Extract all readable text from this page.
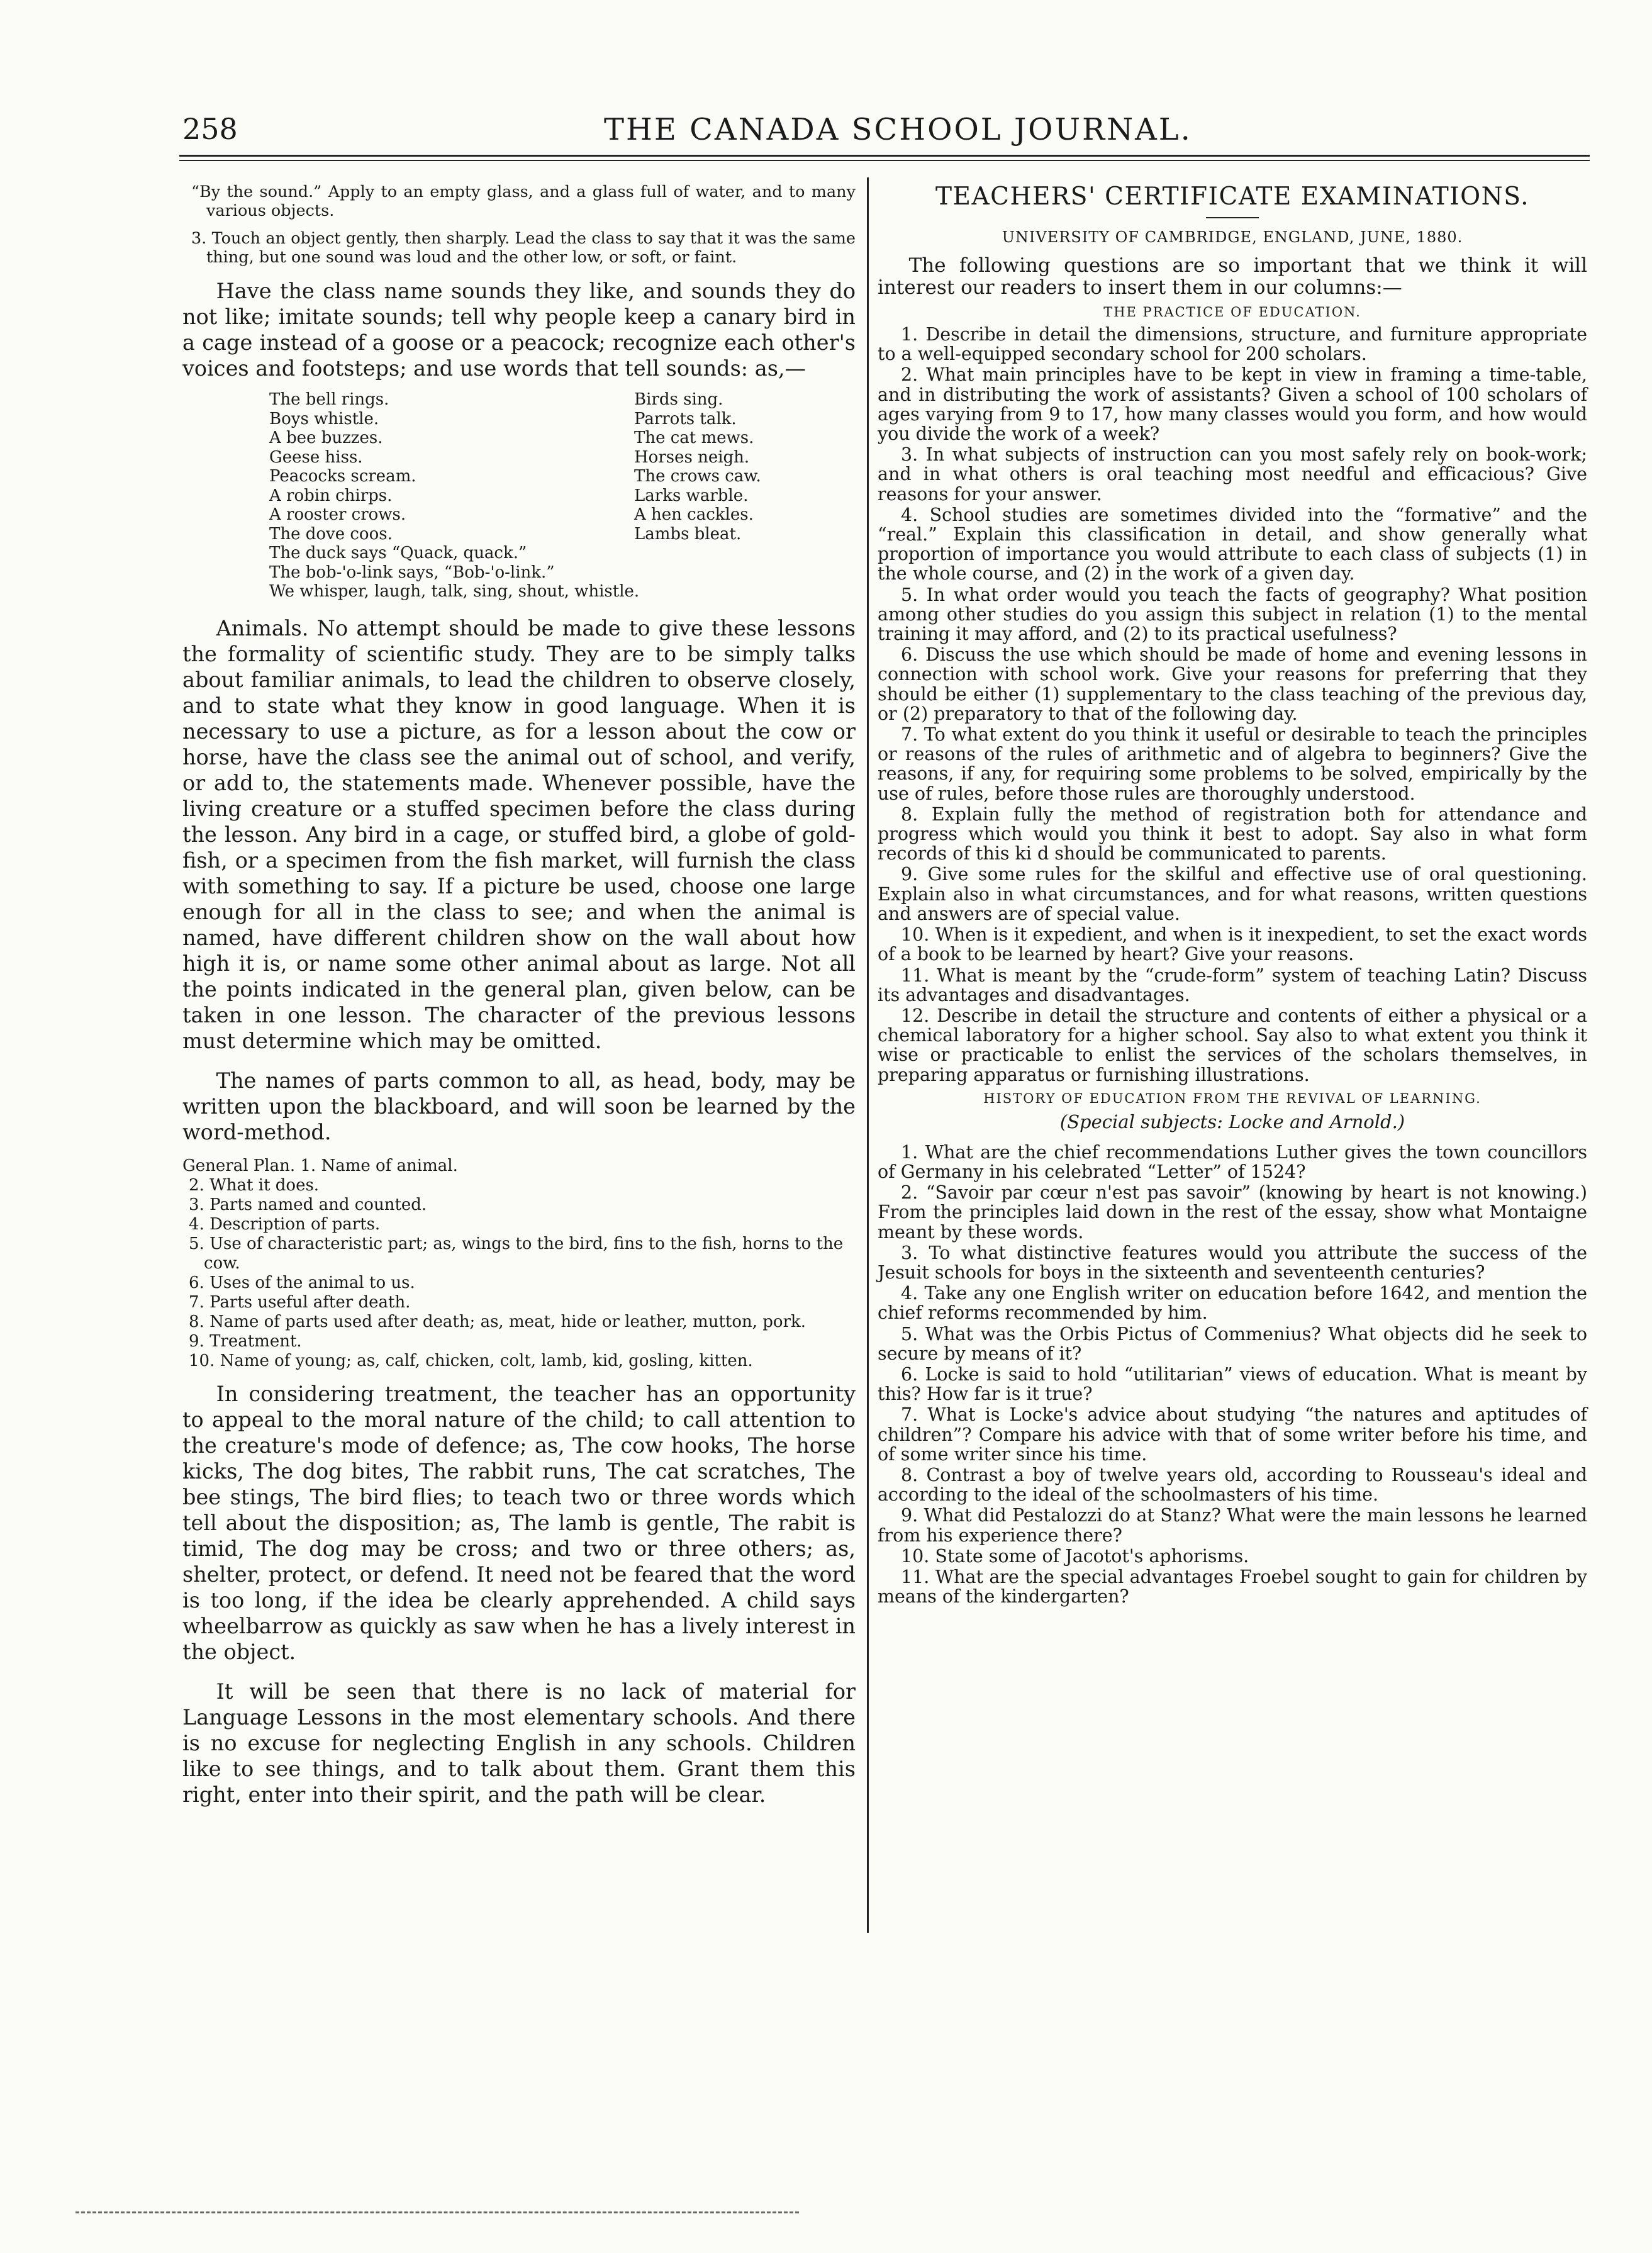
258	THE CANADA SCHOOL JOURNAL.

“By the sound.” Apply to an empty glass, and a glass full of water, and to many various objects.

3. Touch an object gently, then sharply. Lead the class to say that it was the same thing, but one sound was loud and the other low, or soft, or faint.

Have the class name sounds they like, and sounds they do not like; imitate sounds; tell why people keep a canary bird in a cage instead of a goose or a peacock; recognize each other's voices and footsteps; and use words that tell sounds: as,—

The bell rings.	Birds sing.
Boys whistle.	Parrots talk.
A bee buzzes.	The cat mews.
Geese hiss.	Horses neigh.
Peacocks scream.	The crows caw.
A robin chirps.	Larks warble.
A rooster crows.	A hen cackles.
The dove coos.	Lambs bleat.
The duck says “Quack, quack.”
The bob-'o-link says, “Bob-'o-link.”
We whisper, laugh, talk, sing, shout, whistle.

Animals. No attempt should be made to give these lessons the formality of scientific study. They are to be simply talks about familiar animals, to lead the children to observe closely, and to state what they know in good language. When it is necessary to use a picture, as for a lesson about the cow or horse, have the class see the animal out of school, and verify, or add to, the statements made. Whenever possible, have the living creature or a stuffed specimen before the class during the lesson. Any bird in a cage, or stuffed bird, a globe of gold-fish, or a specimen from the fish market, will furnish the class with something to say. If a picture be used, choose one large enough for all in the class to see; and when the animal is named, have different children show on the wall about how high it is, or name some other animal about as large. Not all the points indicated in the general plan, given below, can be taken in one lesson. The character of the previous lessons must determine which may be omitted.

The names of parts common to all, as head, body, may be written upon the blackboard, and will soon be learned by the word-method.

General Plan. 1. Name of animal.
2. What it does.
3. Parts named and counted.
4. Description of parts.
5. Use of characteristic part; as, wings to the bird, fins to the fish, horns to the cow.
6. Uses of the animal to us.
7. Parts useful after death.
8. Name of parts used after death; as, meat, hide or leather, mutton, pork.
9. Treatment.
10. Name of young; as, calf, chicken, colt, lamb, kid, gosling, kitten.

In considering treatment, the teacher has an opportunity to appeal to the moral nature of the child; to call attention to the creature's mode of defence; as, The cow hooks, The horse kicks, The dog bites, The rabbit runs, The cat scratches, The bee stings, The bird flies; to teach two or three words which tell about the disposition; as, The lamb is gentle, The rabit is timid, The dog may be cross; and two or three others; as, shelter, protect, or defend. It need not be feared that the word is too long, if the idea be clearly apprehended. A child says wheelbarrow as quickly as saw when he has a lively interest in the object.

It will be seen that there is no lack of material for Language Lessons in the most elementary schools. And there is no excuse for neglecting English in any schools. Children like to see things, and to talk about them. Grant them this right, enter into their spirit, and the path will be clear.

TEACHERS' CERTIFICATE EXAMINATIONS.
UNIVERSITY OF CAMBRIDGE, ENGLAND, JUNE, 1880.

The following questions are so important that we think it will interest our readers to insert them in our columns:—

THE PRACTICE OF EDUCATION.

1. Describe in detail the dimensions, structure, and furniture appropriate to a well-equipped secondary school for 200 scholars.

2. What main principles have to be kept in view in framing a time-table, and in distributing the work of assistants? Given a school of 100 scholars of ages varying from 9 to 17, how many classes would you form, and how would you divide the work of a week?

3. In what subjects of instruction can you most safely rely on book-work; and in what others is oral teaching most needful and efficacious? Give reasons for your answer.

4. School studies are sometimes divided into the “formative” and the “real.” Explain this classification in detail, and show generally what proportion of importance you would attribute to each class of subjects (1) in the whole course, and (2) in the work of a given day.

5. In what order would you teach the facts of geography? What position among other studies do you assign this subject in relation (1) to the mental training it may afford, and (2) to its practical usefulness?

6. Discuss the use which should be made of home and evening lessons in connection with school work. Give your reasons for preferring that they should be either (1) supplementary to the class teaching of the previous day, or (2) preparatory to that of the following day.

7. To what extent do you think it useful or desirable to teach the principles or reasons of the rules of arithmetic and of algebra to beginners? Give the reasons, if any, for requiring some problems to be solved, empirically by the use of rules, before those rules are thoroughly understood.

8. Explain fully the method of registration both for attendance and progress which would you think it best to adopt. Say also in what form records of this ki d should be communicated to parents.

9. Give some rules for the skilful and effective use of oral questioning. Explain also in what circumstances, and for what reasons, written questions and answers are of special value.

10. When is it expedient, and when is it inexpedient, to set the exact words of a book to be learned by heart? Give your reasons.

11. What is meant by the “crude-form” system of teaching Latin? Discuss its advantages and disadvantages.

12. Describe in detail the structure and contents of either a physical or a chemical laboratory for a higher school. Say also to what extent you think it wise or practicable to enlist the services of the scholars themselves, in preparing apparatus or furnishing illustrations.

HISTORY OF EDUCATION FROM THE REVIVAL OF LEARNING.
(Special subjects: Locke and Arnold.)

1. What are the chief recommendations Luther gives the town councillors of Germany in his celebrated “Letter” of 1524?

2. “Savoir par cœur n'est pas savoir” (knowing by heart is not knowing.) From the principles laid down in the rest of the essay, show what Montaigne meant by these words.

3. To what distinctive features would you attribute the success of the Jesuit schools for boys in the sixteenth and seventeenth centuries?

4. Take any one English writer on education before 1642, and mention the chief reforms recommended by him.

5. What was the Orbis Pictus of Commenius? What objects did he seek to secure by means of it?

6. Locke is said to hold “utilitarian” views of education. What is meant by this? How far is it true?

7. What is Locke's advice about studying “the natures and aptitudes of children”? Compare his advice with that of some writer before his time, and of some writer since his time.

8. Contrast a boy of twelve years old, according to Rousseau's ideal and according to the ideal of the schoolmasters of his time.

9. What did Pestalozzi do at Stanz? What were the main lessons he learned from his experience there?

10. State some of Jacotot's aphorisms.

11. What are the special advantages Froebel sought to gain for children by means of the kindergarten?
